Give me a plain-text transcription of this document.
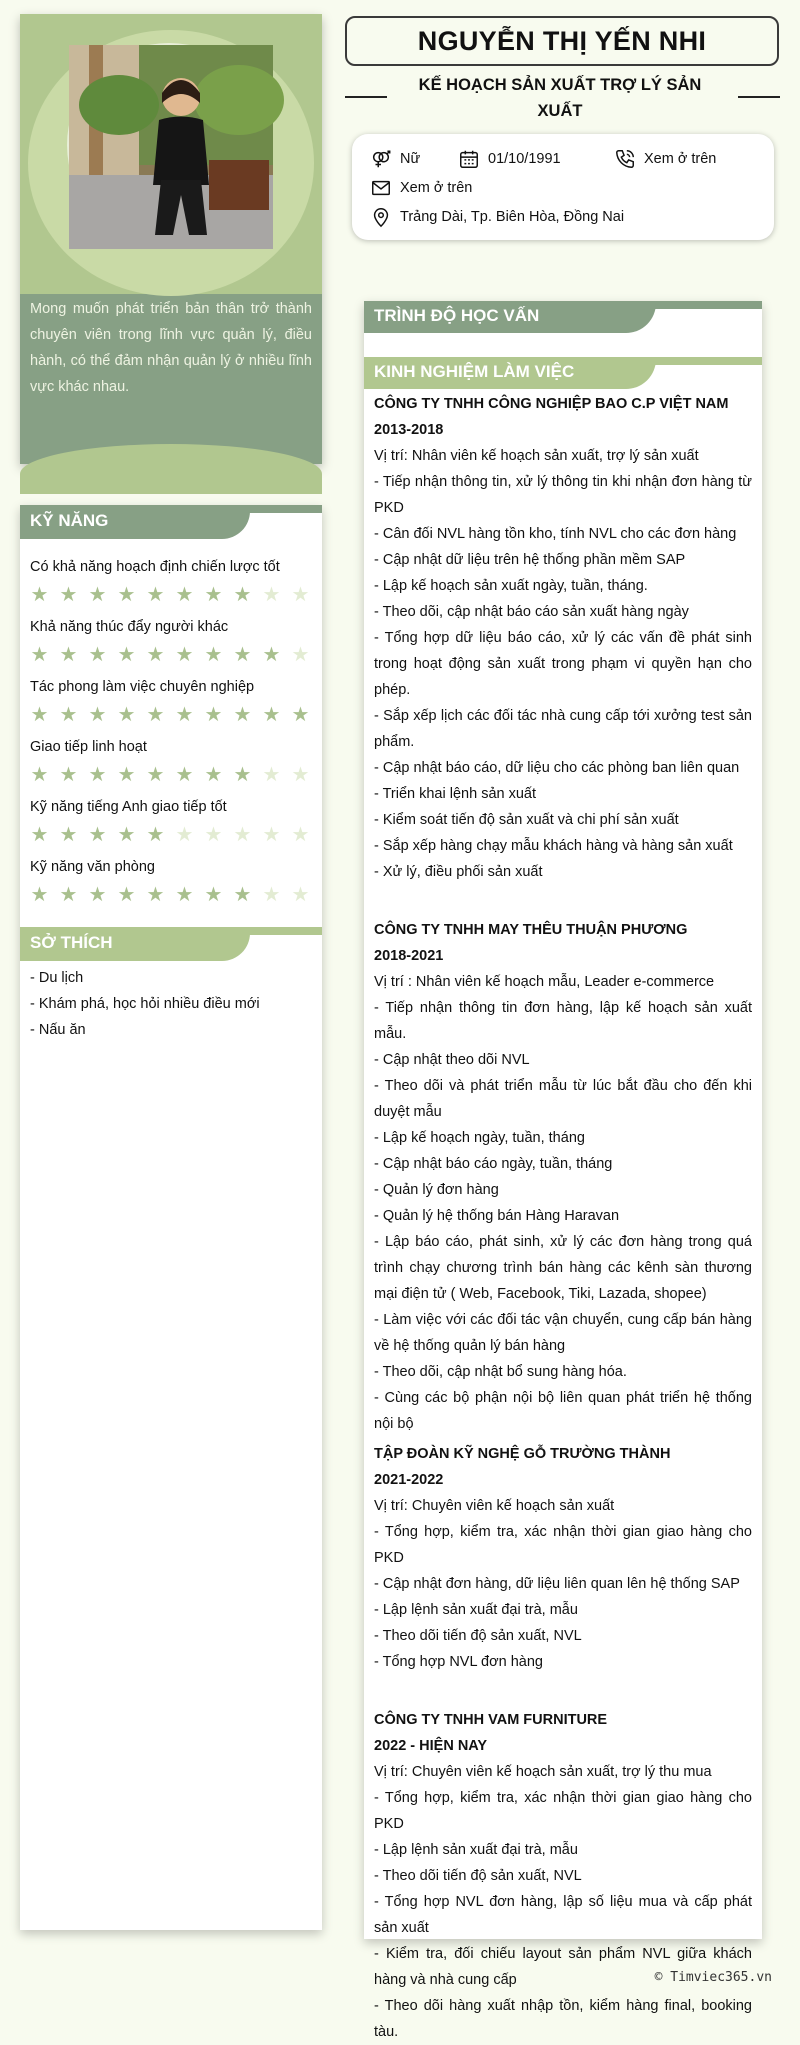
Mong muốn phát triển bản thân trở thành chuyên viên trong lĩnh vực quản lý, điều hành, có thể đảm nhận quản lý ở nhiều lĩnh vực khác nhau.
KỸ NĂNG
Có khả năng hoạch định chiến lược tốt
★ ★ ★ ★ ★ ★ ★ ★ ★ ★
Khả năng thúc đẩy người khác
★ ★ ★ ★ ★ ★ ★ ★ ★ ★
Tác phong làm việc chuyên nghiệp
★ ★ ★ ★ ★ ★ ★ ★ ★ ★
Giao tiếp linh hoạt
★ ★ ★ ★ ★ ★ ★ ★ ★ ★
Kỹ năng tiếng Anh giao tiếp tốt
★ ★ ★ ★ ★ ★ ★ ★ ★ ★
Kỹ năng văn phòng
★ ★ ★ ★ ★ ★ ★ ★ ★ ★
SỞ THÍCH
- Du lịch
- Khám phá, học hỏi nhiều điều mới
- Nấu ăn
NGUYỄN THỊ YẾN NHI
KẾ HOẠCH SẢN XUẤT TRỢ LÝ SẢN XUẤT
Nữ	01/10/1991	Xem ở trên
Xem ở trên
Trảng Dài, Tp. Biên Hòa, Đồng Nai
TRÌNH ĐỘ HỌC VẤN
KINH NGHIỆM LÀM VIỆC
CÔNG TY TNHH CÔNG NGHIỆP BAO C.P VIỆT NAM
2013-2018

Vị trí: Nhân viên kế hoạch sản xuất, trợ lý sản xuất

- Tiếp nhận thông tin, xử lý thông tin khi nhận đơn hàng từ PKD

- Cân đối NVL hàng tồn kho, tính NVL cho các đơn hàng

- Cập nhật dữ liệu trên hệ thống phần mềm SAP

- Lập kế hoạch sản xuất ngày, tuần, tháng.

- Theo dõi, cập nhật báo cáo sản xuất hàng ngày

- Tổng hợp dữ liệu báo cáo, xử lý các vấn đề phát sinh trong hoạt động sản xuất trong phạm vi quyền hạn cho phép.

- Sắp xếp lịch các đối tác nhà cung cấp tới xưởng test sản phẩm.

- Cập nhật báo cáo, dữ liệu cho các phòng ban liên quan

- Triển khai lệnh sản xuất

- Kiểm soát tiến độ sản xuất và chi phí sản xuất

- Sắp xếp hàng chạy mẫu khách hàng và hàng sản xuất

- Xử lý, điều phối sản xuất

CÔNG TY TNHH MAY THÊU THUẬN PHƯƠNG
2018-2021

Vị trí : Nhân viên kế hoạch mẫu, Leader e-commerce

- Tiếp nhận thông tin đơn hàng, lập kế hoạch sản xuất mẫu.

- Cập nhật theo dõi NVL

- Theo dõi và phát triển mẫu từ lúc bắt đầu cho đến khi duyệt mẫu

- Lập kế hoạch ngày, tuần, tháng

- Cập nhật báo cáo ngày, tuần, tháng

- Quản lý đơn hàng

- Quản lý hệ thống bán Hàng Haravan

- Lập báo cáo, phát sinh, xử lý các đơn hàng trong quá trình chạy chương trình bán hàng các kênh sàn thương mại điện tử ( Web, Facebook, Tiki, Lazada, shopee)

- Làm việc với các đối tác vận chuyển, cung cấp bán hàng về hệ thống quản lý bán hàng

- Theo dõi, cập nhật bổ sung hàng hóa.

- Cùng các bộ phận nội bộ liên quan phát triển hệ thống nội bộ

TẬP ĐOÀN KỸ NGHỆ GỖ TRƯỜNG THÀNH
2021-2022

Vị trí: Chuyên viên kế hoạch sản xuất

- Tổng hợp, kiểm tra, xác nhận thời gian giao hàng cho PKD

- Cập nhật đơn hàng, dữ liệu liên quan lên hệ thống SAP

- Lập lệnh sản xuất đại trà, mẫu

- Theo dõi tiến độ sản xuất, NVL

- Tổng hợp NVL đơn hàng

CÔNG TY TNHH VAM FURNITURE
2022 - HIỆN NAY

Vị trí: Chuyên viên kế hoạch sản xuất, trợ lý thu mua

- Tổng hợp, kiểm tra, xác nhận thời gian giao hàng cho PKD

- Lập lệnh sản xuất đại trà, mẫu

- Theo dõi tiến độ sản xuất, NVL

- Tổng hợp NVL đơn hàng, lập số liệu mua và cấp phát sản xuất

- Kiểm tra, đối chiếu layout sản phẩm NVL giữa khách hàng và nhà cung cấp

- Theo dõi hàng xuất nhập tồn, kiểm hàng final, booking tàu.

© Timviec365.vn
